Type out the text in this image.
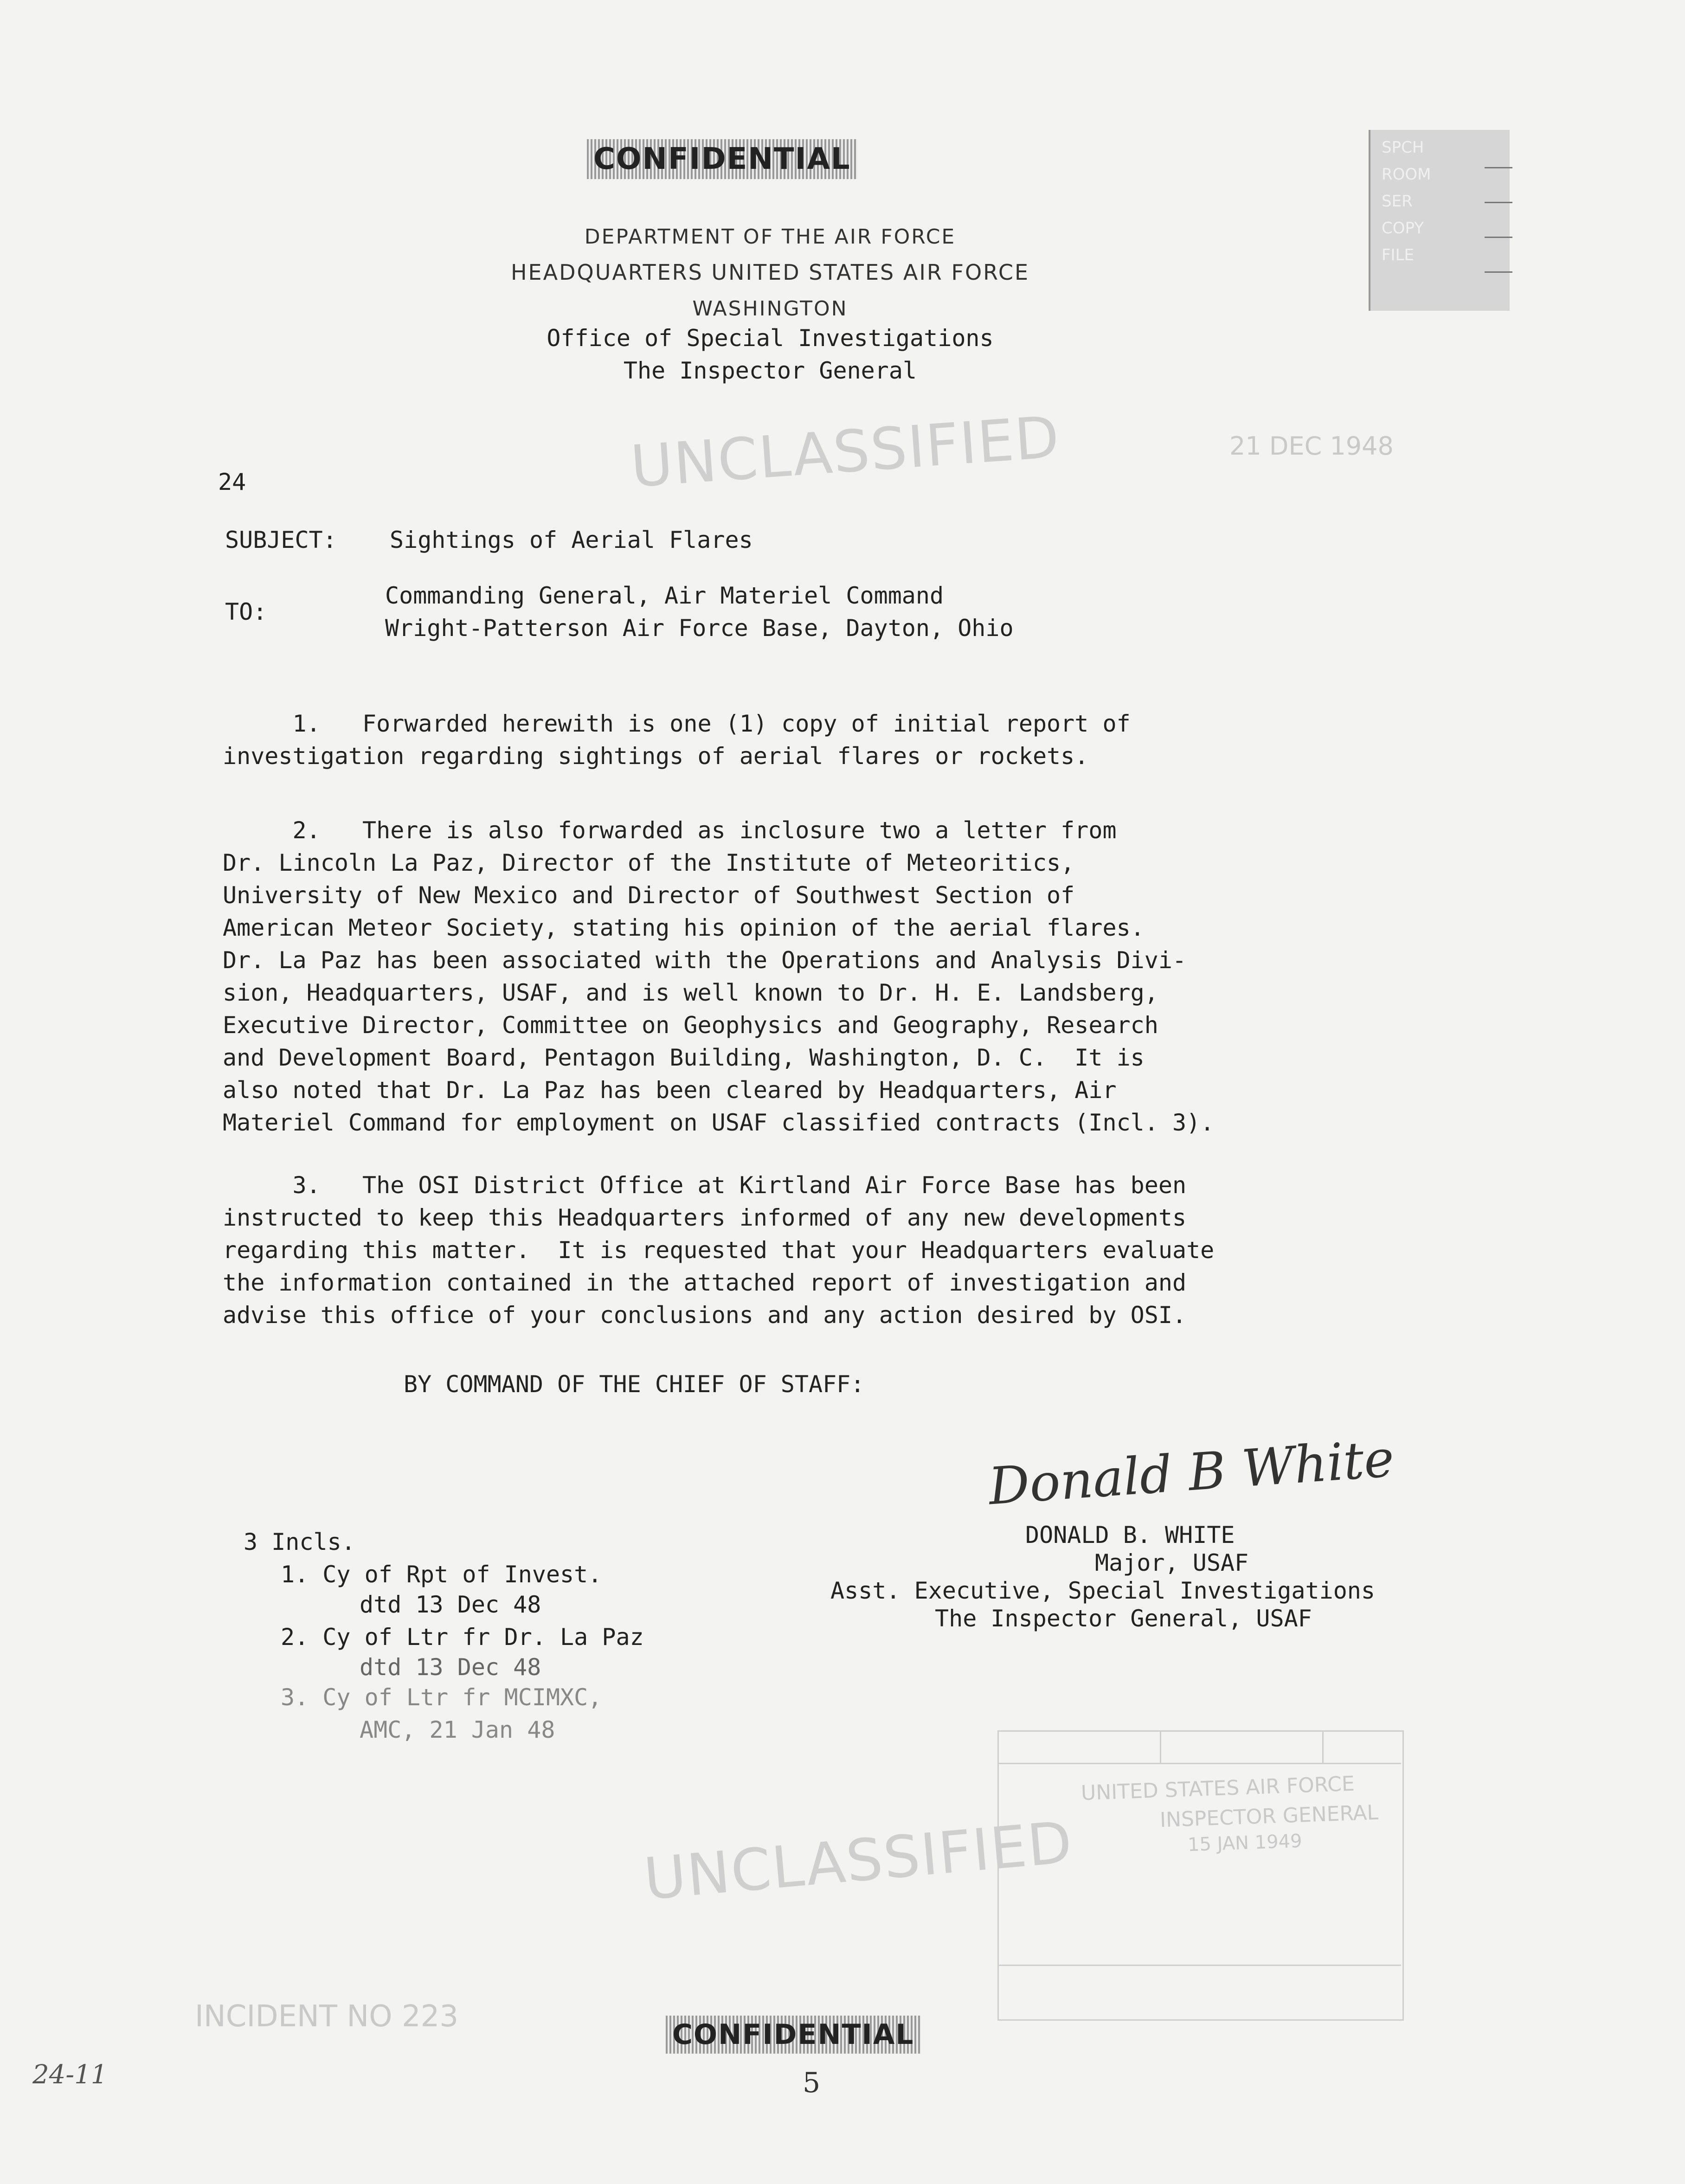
CONFIDENTIAL	SPCH
ROOM
SER
COPY
FILE
DEPARTMENT OF THE AIR FORCE
HEADQUARTERS UNITED STATES AIR FORCE
WASHINGTON
Office of Special Investigations
The Inspector General
UNCLASSIFIED	21 DEC 1948
24
SUBJECT: Sightings of Aerial Flares
TO:
Commanding General, Air Materiel Command
Wright-Patterson Air Force Base, Dayton, Ohio
1.   Forwarded herewith is one (1) copy of initial report of
investigation regarding sightings of aerial flares or rockets.
2.   There is also forwarded as inclosure two a letter from
Dr. Lincoln La Paz, Director of the Institute of Meteoritics,
University of New Mexico and Director of Southwest Section of
American Meteor Society, stating his opinion of the aerial flares.
Dr. La Paz has been associated with the Operations and Analysis Divi-
sion, Headquarters, USAF, and is well known to Dr. H. E. Landsberg,
Executive Director, Committee on Geophysics and Geography, Research
and Development Board, Pentagon Building, Washington, D. C.  It is
also noted that Dr. La Paz has been cleared by Headquarters, Air
Materiel Command for employment on USAF classified contracts (Incl. 3).
3.   The OSI District Office at Kirtland Air Force Base has been
instructed to keep this Headquarters informed of any new developments
regarding this matter.  It is requested that your Headquarters evaluate
the information contained in the attached report of investigation and
advise this office of your conclusions and any action desired by OSI.
BY COMMAND OF THE CHIEF OF STAFF:
Donald B White
DONALD B. WHITE
Major, USAF
Asst. Executive, Special Investigations
The Inspector General, USAF
3 Incls.
1. Cy of Rpt of Invest.
dtd 13 Dec 48
2. Cy of Ltr fr Dr. La Paz
dtd 13 Dec 48
3. Cy of Ltr fr MCIMXC,
AMC, 21 Jan 48
UNITED STATES AIR FORCE
INSPECTOR GENERAL
15 JAN 1949
UNCLASSIFIED
INCIDENT NO 223
CONFIDENTIAL
5
24-11
